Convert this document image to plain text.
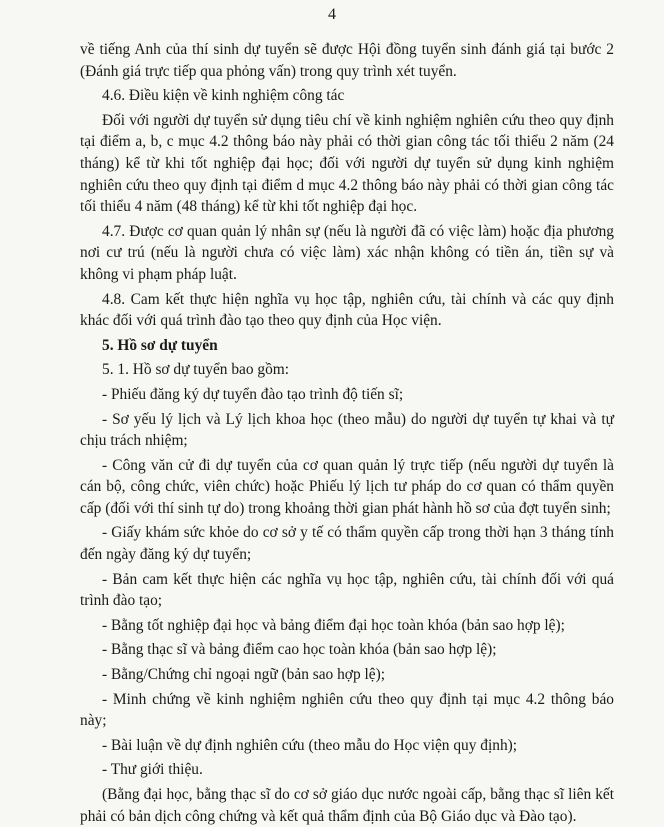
4

về tiếng Anh của thí sinh dự tuyển sẽ được Hội đồng tuyển sinh đánh giá tại bước 2 (Đánh giá trực tiếp qua phỏng vấn) trong quy trình xét tuyển.

4.6. Điều kiện về kinh nghiệm công tác

Đối với người dự tuyển sử dụng tiêu chí về kinh nghiệm nghiên cứu theo quy định tại điểm a, b, c mục 4.2 thông báo này phải có thời gian công tác tối thiểu 2 năm (24 tháng) kể từ khi tốt nghiệp đại học; đối với người dự tuyển sử dụng kinh nghiệm nghiên cứu theo quy định tại điểm d mục 4.2 thông báo này phải có thời gian công tác tối thiểu 4 năm (48 tháng) kể từ khi tốt nghiệp đại học.

4.7. Được cơ quan quản lý nhân sự (nếu là người đã có việc làm) hoặc địa phương nơi cư trú (nếu là người chưa có việc làm) xác nhận không có tiền án, tiền sự và không vi phạm pháp luật.

4.8. Cam kết thực hiện nghĩa vụ học tập, nghiên cứu, tài chính và các quy định khác đối với quá trình đào tạo theo quy định của Học viện.

5. Hồ sơ dự tuyển

5. 1. Hồ sơ dự tuyển bao gồm:

- Phiếu đăng ký dự tuyển đào tạo trình độ tiến sĩ;

- Sơ yếu lý lịch và Lý lịch khoa học (theo mẫu) do người dự tuyển tự khai và tự chịu trách nhiệm;

- Công văn cử đi dự tuyển của cơ quan quản lý trực tiếp (nếu người dự tuyển là cán bộ, công chức, viên chức) hoặc Phiếu lý lịch tư pháp do cơ quan có thẩm quyền cấp (đối với thí sinh tự do) trong khoảng thời gian phát hành hồ sơ của đợt tuyển sinh;

- Giấy khám sức khỏe do cơ sở y tế có thẩm quyền cấp trong thời hạn 3 tháng tính đến ngày đăng ký dự tuyển;

- Bản cam kết thực hiện các nghĩa vụ học tập, nghiên cứu, tài chính đối với quá trình đào tạo;

- Bằng tốt nghiệp đại học và bảng điểm đại học toàn khóa (bản sao hợp lệ);

- Bằng thạc sĩ và bảng điểm cao học toàn khóa (bản sao hợp lệ);

- Bằng/Chứng chỉ ngoại ngữ (bản sao hợp lệ);

- Minh chứng về kinh nghiệm nghiên cứu theo quy định tại mục 4.2 thông báo này;

- Bài luận về dự định nghiên cứu (theo mẫu do Học viện quy định);

- Thư giới thiệu.

(Bằng đại học, bằng thạc sĩ do cơ sở giáo dục nước ngoài cấp, bằng thạc sĩ liên kết phải có bản dịch công chứng và kết quả thẩm định của Bộ Giáo dục và Đào tạo).
